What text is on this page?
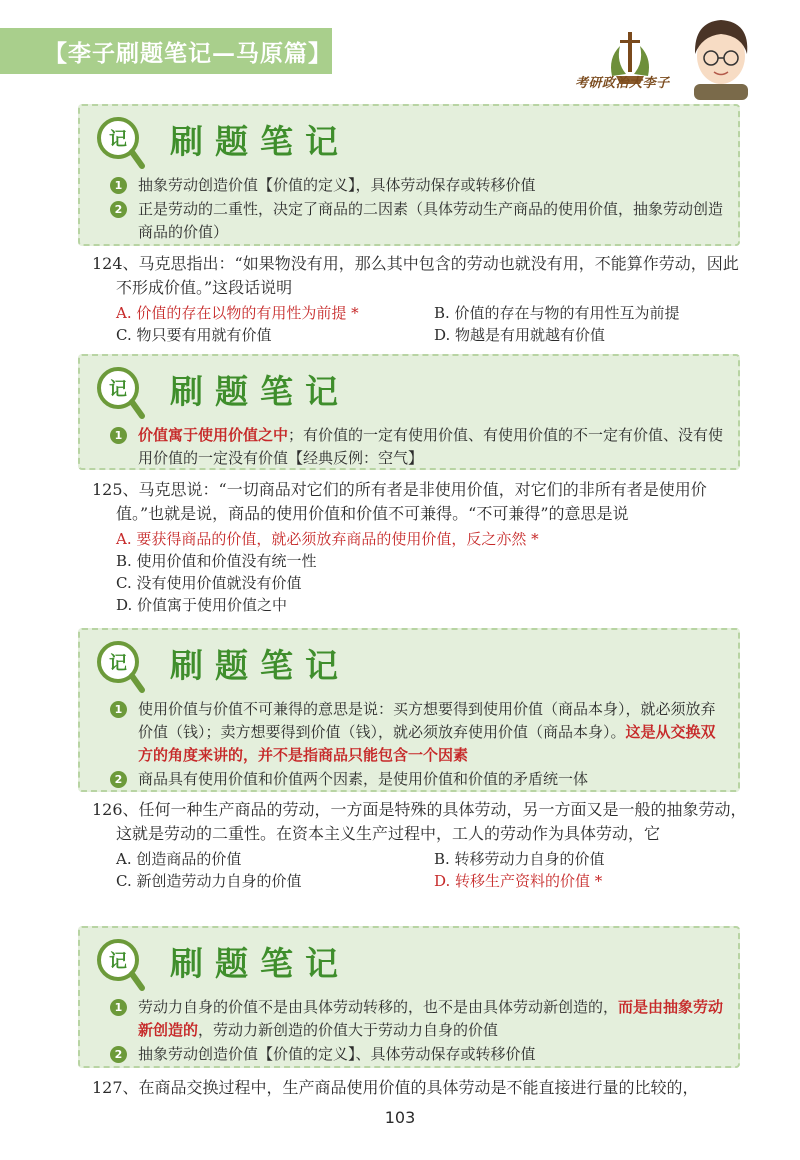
【李子刷题笔记—马原篇】
考研政治大李子
记 刷题笔记
1	抽象劳动创造价值【价值的定义】，具体劳动保存或转移价值
2	正是劳动的二重性，决定了商品的二因素（具体劳动生产商品的使用价值，抽象劳动创造商品的价值）
124、马克思指出：“如果物没有用，那么其中包含的劳动也就没有用，不能算作劳动，因此不形成价值。”这段话说明
A. 价值的存在以物的有用性为前提 *	B. 价值的存在与物的有用性互为前提
C. 物只要有用就有价值	D. 物越是有用就越有价值
记 刷题笔记
1	价值寓于使用价值之中；有价值的一定有使用价值、有使用价值的不一定有价值、没有使用价值的一定没有价值【经典反例：空气】
125、马克思说：“一切商品对它们的所有者是非使用价值，对它们的非所有者是使用价值。”也就是说，商品的使用价值和价值不可兼得。“不可兼得”的意思是说
A. 要获得商品的价值，就必须放弃商品的使用价值，反之亦然 *
B. 使用价值和价值没有统一性
C. 没有使用价值就没有价值
D. 价值寓于使用价值之中
记 刷题笔记
1	使用价值与价值不可兼得的意思是说：买方想要得到使用价值（商品本身），就必须放弃价值（钱）；卖方想要得到价值（钱），就必须放弃使用价值（商品本身）。这是从交换双方的角度来讲的，并不是指商品只能包含一个因素
2	商品具有使用价值和价值两个因素，是使用价值和价值的矛盾统一体
126、任何一种生产商品的劳动，一方面是特殊的具体劳动，另一方面又是一般的抽象劳动，这就是劳动的二重性。在资本主义生产过程中，工人的劳动作为具体劳动，它
A. 创造商品的价值	B. 转移劳动力自身的价值
C. 新创造劳动力自身的价值	D. 转移生产资料的价值 *
记 刷题笔记
1	劳动力自身的价值不是由具体劳动转移的，也不是由具体劳动新创造的，而是由抽象劳动新创造的，劳动力新创造的价值大于劳动力自身的价值
2	抽象劳动创造价值【价值的定义】、具体劳动保存或转移价值
127、在商品交换过程中，生产商品使用价值的具体劳动是不能直接进行量的比较的，
103
